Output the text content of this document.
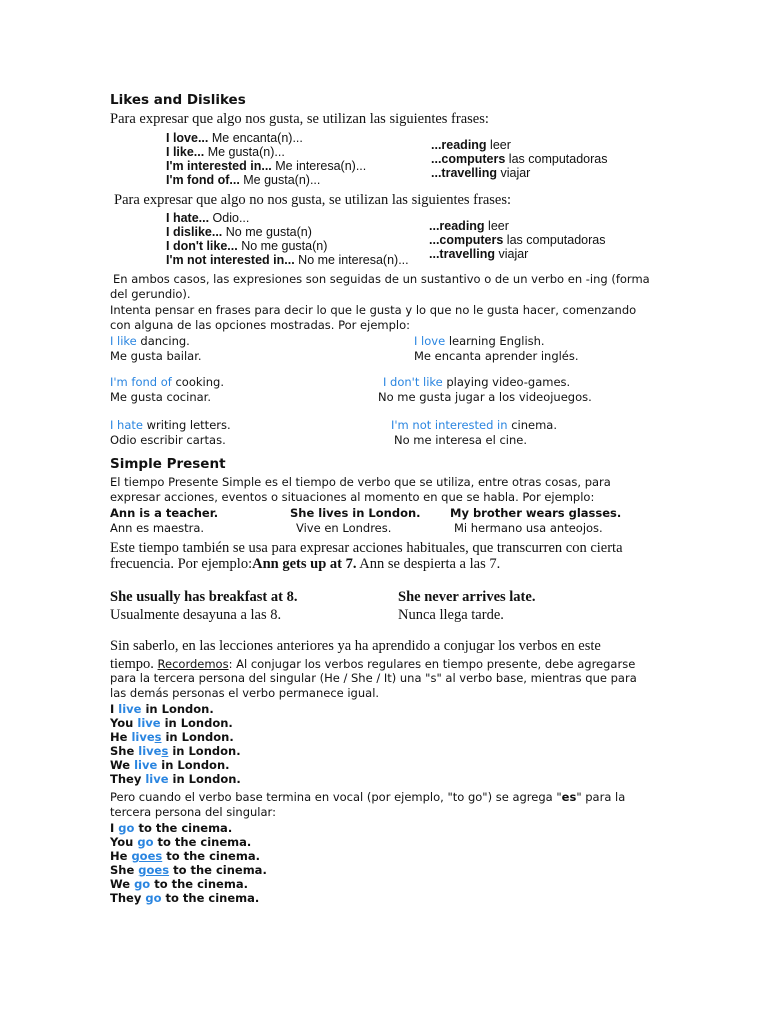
Likes and Dislikes
Para expresar que algo nos gusta, se utilizan las siguientes frases:
I love... Me encanta(n)...
I like... Me gusta(n)...
I'm interested in... Me interesa(n)...
I'm fond of... Me gusta(n)...
...reading leer
...computers las computadoras
...travelling viajar
Para expresar que algo no nos gusta, se utilizan las siguientes frases:
I hate... Odio...
I dislike... No me gusta(n)
I don't like... No me gusta(n)
I'm not interested in... No me interesa(n)...
...reading leer
...computers las computadoras
...travelling viajar
En ambos casos, las expresiones son seguidas de un sustantivo o de un verbo en -ing (forma
del gerundio).
Intenta pensar en frases para decir lo que le gusta y lo que no le gusta hacer, comenzando
con alguna de las opciones mostradas. Por ejemplo:
I like dancing.
Me gusta bailar.
I love learning English.
Me encanta aprender inglés.
I'm fond of cooking.
Me gusta cocinar.
I don't like playing video-games.
No me gusta jugar a los videojuegos.
I hate writing letters.
Odio escribir cartas.
I'm not interested in cinema.
No me interesa el cine.
Simple Present
El tiempo Presente Simple es el tiempo de verbo que se utiliza, entre otras cosas, para
expresar acciones, eventos o situaciones al momento en que se habla. Por ejemplo:
Ann is a teacher.
Ann es maestra.
She lives in London.
Vive en Londres.
My brother wears glasses.
Mi hermano usa anteojos.
Este tiempo también se usa para expresar acciones habituales, que transcurren con cierta
frecuencia. Por ejemplo:Ann gets up at 7. Ann se despierta a las 7.
She usually has breakfast at 8.
Usualmente desayuna a las 8.
She never arrives late.
Nunca llega tarde.
Sin saberlo, en las lecciones anteriores ya ha aprendido a conjugar los verbos en este
tiempo. Recordemos: Al conjugar los verbos regulares en tiempo presente, debe agregarse
para la tercera persona del singular (He / She / It) una "s" al verbo base, mientras que para
las demás personas el verbo permanece igual.
I live in London.
You live in London.
He lives in London.
She lives in London.
We live in London.
They live in London.
Pero cuando el verbo base termina en vocal (por ejemplo, "to go") se agrega "es" para la
tercera persona del singular:
I go to the cinema.
You go to the cinema.
He goes to the cinema.
She goes to the cinema.
We go to the cinema.
They go to the cinema.
